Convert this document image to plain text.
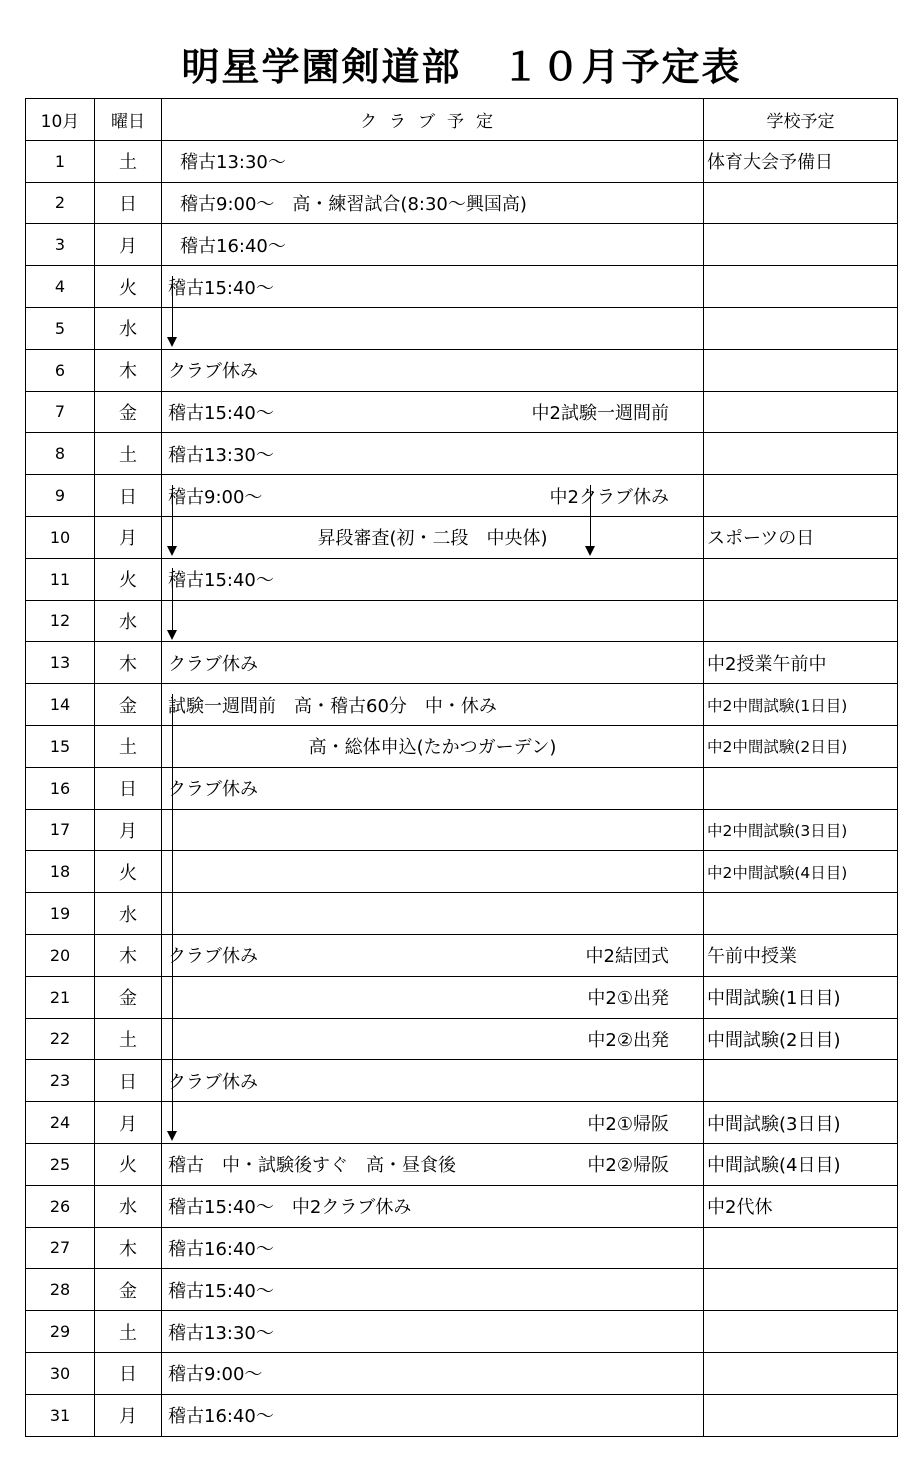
明星学園剣道部　１０月予定表
10月	曜日	クラブ予定	学校予定
1	土	稽古13:30～	体育大会予備日
2	日	稽古9:00～　高・練習試合(8:30～興国高)	

3	月	稽古16:40～	

4	火	稽古15:40～	

5	水	

6	木	クラブ休み	

7	金	稽古15:40～ 中2試験一週間前	

8	土	稽古13:30～	

9	日	稽古9:00～ 中2クラブ休み	

10	月	昇段審査(初・二段　中央体)	スポーツの日
11	火	稽古15:40～	

12	水	

13	木	クラブ休み	中2授業午前中
14	金	試験一週間前　高・稽古60分　中・休み	中2中間試験(1日目)
15	土	高・総体申込(たかつガーデン)	中2中間試験(2日目)
16	日	クラブ休み	

17	月		中2中間試験(3日目)
18	火		中2中間試験(4日目)
19	水	

20	木	クラブ休み 中2結団式	午前中授業
21	金	中2①出発	中間試験(1日目)
22	土	中2②出発	中間試験(2日目)
23	日	クラブ休み	

24	月	中2①帰阪	中間試験(3日目)
25	火	稽古　中・試験後すぐ　高・昼食後 中2②帰阪	中間試験(4日目)
26	水	稽古15:40～　中2クラブ休み	中2代休
27	木	稽古16:40～	

28	金	稽古15:40～	

29	土	稽古13:30～	

30	日	稽古9:00～	

31	月	稽古16:40～	
